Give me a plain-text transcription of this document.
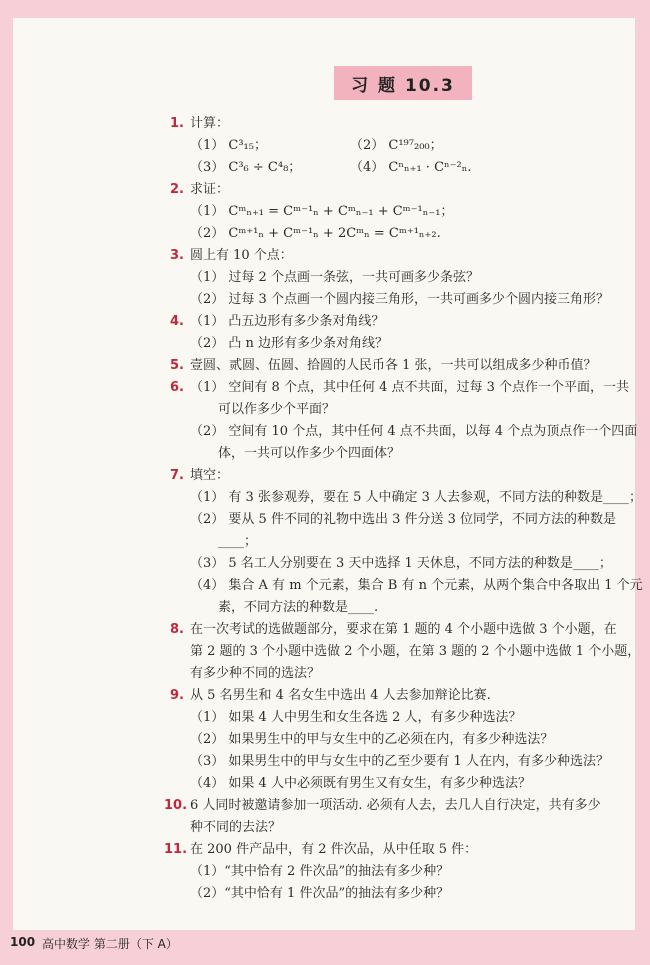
习 题 10.3
1. 计算：
（1） C³₁₅；	（2） C¹⁹⁷₂₀₀；
（3） C³₆ ÷ C⁴₈；	（4） Cⁿₙ₊₁ · Cⁿ⁻²ₙ.
2. 求证：
（1） Cᵐₙ₊₁ = Cᵐ⁻¹ₙ + Cᵐₙ₋₁ + Cᵐ⁻¹ₙ₋₁；
（2） Cᵐ⁺¹ₙ + Cᵐ⁻¹ₙ + 2Cᵐₙ = Cᵐ⁺¹ₙ₊₂.
3. 圆上有 10 个点：
（1） 过每 2 个点画一条弦，一共可画多少条弦？
（2） 过每 3 个点画一个圆内接三角形，一共可画多少个圆内接三角形？
4. （1） 凸五边形有多少条对角线？
（2） 凸 n 边形有多少条对角线？
5. 壹圆、贰圆、伍圆、拾圆的人民币各 1 张，一共可以组成多少种币值？
6. （1） 空间有 8 个点，其中任何 4 点不共面，过每 3 个点作一个平面，一共
可以作多少个平面？
（2） 空间有 10 个点，其中任何 4 点不共面，以每 4 个点为顶点作一个四面
体，一共可以作多少个四面体？
7. 填空：
（1） 有 3 张参观券，要在 5 人中确定 3 人去参观，不同方法的种数是____；
（2） 要从 5 件不同的礼物中选出 3 件分送 3 位同学，不同方法的种数是
____；
（3） 5 名工人分别要在 3 天中选择 1 天休息，不同方法的种数是____；
（4） 集合 A 有 m 个元素，集合 B 有 n 个元素，从两个集合中各取出 1 个元
素，不同方法的种数是____.
8. 在一次考试的选做题部分，要求在第 1 题的 4 个小题中选做 3 个小题，在
第 2 题的 3 个小题中选做 2 个小题，在第 3 题的 2 个小题中选做 1 个小题，
有多少种不同的选法？
9. 从 5 名男生和 4 名女生中选出 4 人去参加辩论比赛.
（1） 如果 4 人中男生和女生各选 2 人，有多少种选法？
（2） 如果男生中的甲与女生中的乙必须在内，有多少种选法？
（3） 如果男生中的甲与女生中的乙至少要有 1 人在内，有多少种选法？
（4） 如果 4 人中必须既有男生又有女生，有多少种选法？
10. 6 人同时被邀请参加一项活动. 必须有人去，去几人自行决定，共有多少
种不同的去法？
11. 在 200 件产品中，有 2 件次品，从中任取 5 件：
（1）“其中恰有 2 件次品”的抽法有多少种？
（2）“其中恰有 1 件次品”的抽法有多少种？
100 高中数学 第二册（下 A）
